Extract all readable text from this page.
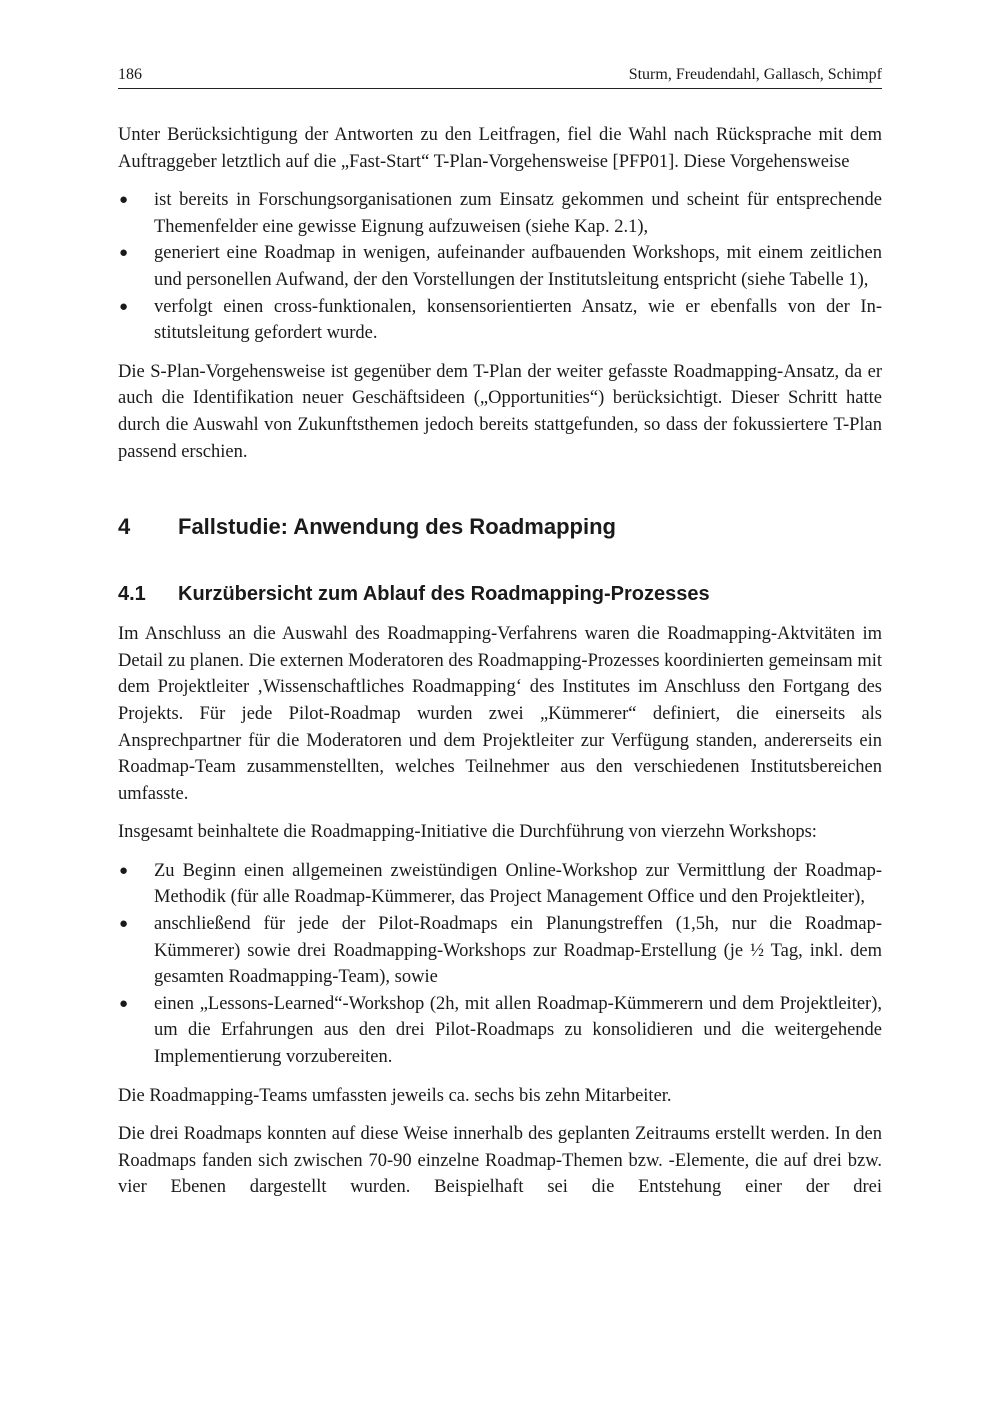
186	Sturm, Freudendahl, Gallasch, Schimpf

Unter Berücksichtigung der Antworten zu den Leitfragen, fiel die Wahl nach Rücksprache mit dem Auftraggeber letztlich auf die „Fast-Start“ T-Plan-Vorgehensweise [PFP01]. Diese Vorgehensweise

● ist bereits in Forschungsorganisationen zum Einsatz gekommen und scheint für entsprechende Themenfelder eine gewisse Eignung aufzuweisen (siehe Kap. 2.1),
● generiert eine Roadmap in wenigen, aufeinander aufbauenden Workshops, mit einem zeitlichen und personellen Aufwand, der den Vorstellungen der Institutsleitung entspricht (siehe Tabelle 1),
● verfolgt einen cross-funktionalen, konsensorientierten Ansatz, wie er ebenfalls von der Institutsleitung gefordert wurde.

Die S-Plan-Vorgehensweise ist gegenüber dem T-Plan der weiter gefasste Roadmapping-Ansatz, da er auch die Identifikation neuer Geschäftsideen („Opportunities“) berücksichtigt. Dieser Schritt hatte durch die Auswahl von Zukunftsthemen jedoch bereits stattgefunden, so dass der fokussiertere T-Plan passend erschien.

4	Fallstudie: Anwendung des Roadmapping
4.1	Kurzübersicht zum Ablauf des Roadmapping-Prozesses

Im Anschluss an die Auswahl des Roadmapping-Verfahrens waren die Roadmapping-Aktvitäten im Detail zu planen. Die externen Moderatoren des Roadmapping-Prozesses koordinierten gemeinsam mit dem Projektleiter ‚Wissenschaftliches Roadmapping‘ des Institutes im Anschluss den Fortgang des Projekts. Für jede Pilot-Roadmap wurden zwei „Kümmerer“ definiert, die einerseits als Ansprechpartner für die Moderatoren und dem Projektleiter zur Verfügung standen, andererseits ein Roadmap-Team zusammenstellten, welches Teilnehmer aus den verschiedenen Institutsbereichen umfasste.

Insgesamt beinhaltete die Roadmapping-Initiative die Durchführung von vierzehn Workshops:

● Zu Beginn einen allgemeinen zweistündigen Online-Workshop zur Vermittlung der Roadmap-Methodik (für alle Roadmap-Kümmerer, das Project Management Office und den Projektleiter),
● anschließend für jede der Pilot-Roadmaps ein Planungstreffen (1,5h, nur die Roadmap-Kümmerer) sowie drei Roadmapping-Workshops zur Roadmap-Erstellung (je ½ Tag, inkl. dem gesamten Roadmapping-Team), sowie
● einen „Lessons-Learned“-Workshop (2h, mit allen Roadmap-Kümmerern und dem Projektleiter), um die Erfahrungen aus den drei Pilot-Roadmaps zu konsolidieren und die weitergehende Implementierung vorzubereiten.

Die Roadmapping-Teams umfassten jeweils ca. sechs bis zehn Mitarbeiter.

Die drei Roadmaps konnten auf diese Weise innerhalb des geplanten Zeitraums erstellt werden. In den Roadmaps fanden sich zwischen 70-90 einzelne Roadmap-Themen bzw. -Elemente, die auf drei bzw. vier Ebenen dargestellt wurden. Beispielhaft sei die Entstehung einer der drei
